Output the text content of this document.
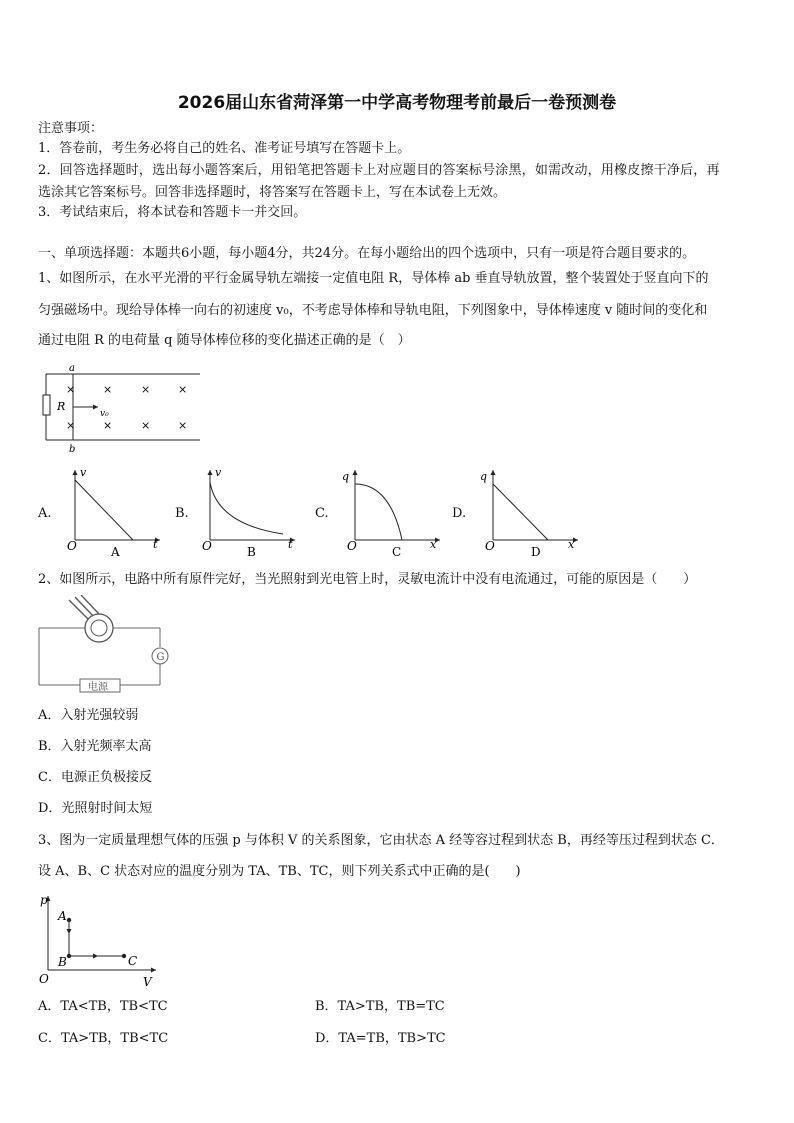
2026届山东省菏泽第一中学高考物理考前最后一卷预测卷
注意事项：
1．答卷前，考生务必将自己的姓名、准考证号填写在答题卡上。
2．回答选择题时，选出每小题答案后，用铅笔把答题卡上对应题目的答案标号涂黑，如需改动，用橡皮擦干净后，再
选涂其它答案标号。回答非选择题时，将答案写在答题卡上，写在本试卷上无效。
3．考试结束后，将本试卷和答题卡一并交回。
一、单项选择题：本题共6小题，每小题4分，共24分。在每小题给出的四个选项中，只有一项是符合题目要求的。
1、如图所示，在水平光滑的平行金属导轨左端接一定值电阻 R，导体棒 ab 垂直导轨放置，整个装置处于竖直向下的
匀强磁场中。现给导体棒一向右的初速度 v₀，不考虑导体棒和导轨电阻，下列图象中，导体棒速度 v 随时间的变化和
通过电阻 R 的电荷量 q 随导体棒位移的变化描述正确的是（　）
R
a
b
v₀
×	×	×	×
×	×	×	×
A.
v
t
O	A
B.
v
t
O	B
C.
q
x
O	C
D.
q
x
O	D
2、如图所示，电路中所有原件完好，当光照射到光电管上时，灵敏电流计中没有电流通过，可能的原因是（　　）
G
电源
A．入射光强较弱
B．入射光频率太高
C．电源正负极接反
D．光照射时间太短
3、图为一定质量理想气体的压强 p 与体积 V 的关系图象，它由状态 A 经等容过程到状态 B，再经等压过程到状态 C．
设 A、B、C 状态对应的温度分别为 TA、TB、TC，则下列关系式中正确的是(　　)
p
V
O
A
B	C
A．TA<TB，TB<TC	B．TA>TB，TB=TC
C．TA>TB，TB<TC	D．TA=TB，TB>TC
